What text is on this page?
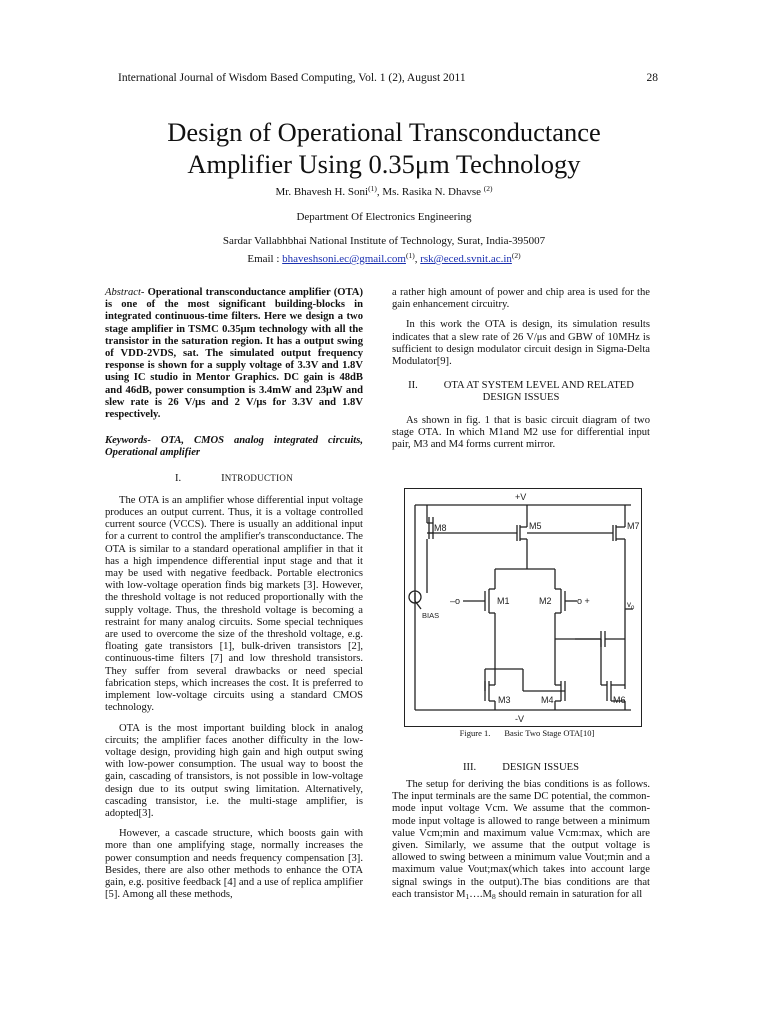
International Journal of Wisdom Based Computing, Vol. 1 (2), August 2011	28
Design of Operational Transconductance
Amplifier Using 0.35μm Technology
Mr. Bhavesh H. Soni$^{(1)}$, Ms. Rasika N. Dhavse $^{(2)}$
Department Of Electronics Engineering
Sardar Vallabhbhai National Institute of Technology, Surat, India-395007
Email : bhaveshsoni.ec@gmail.com$^{(1)}$, $rsk@eced.svnit.ac.in^{(2)}$

Abstract- Operational transconductance amplifier (OTA) is one of the most significant building-blocks in integrated continuous-time filters. Here we design a two stage amplifier in TSMC 0.35μm technology with all the transistor in the saturation region. It has a output swing of VDD-2VDS, sat. The simulated output frequency response is shown for a supply voltage of 3.3V and 1.8V using IC studio in Mentor Graphics. DC gain is 48dB and 46dB, power consumption is 3.4mW and 23μW and slew rate is 26 V/μs and 2 V/μs for 3.3V and 1.8V respectively.

Keywords- OTA, CMOS analog integrated circuits, Operational amplifier

I.	INTRODUCTION

The OTA is an amplifier whose differential input voltage produces an output current. Thus, it is a voltage controlled current source (VCCS). There is usually an additional input for a current to control the amplifier's transconductance. The OTA is similar to a standard operational amplifier in that it has a high impendence differential input stage and that it may be used with negative feedback. Portable electronics with low-voltage operation finds big markets [3]. However, the threshold voltage is not reduced proportionally with the supply voltage. Thus, the threshold voltage is becoming a restraint for many analog circuits. Some special techniques are used to overcome the size of the threshold voltage, e.g. floating gate transistors [1], bulk-driven transistors [2], continuous-time filters [7] and low threshold transistors. They suffer from several drawbacks or need special fabrication steps, which increases the cost. It is preferred to implement low-voltage circuits using a standard CMOS technology.

OTA is the most important building block in analog circuits; the amplifier faces another difficulty in the low-voltage design, providing high gain and high output swing with low-power consumption. The usual way to boost the gain, cascading of transistors, is not possible in low-voltage design due to its output swing limitation. Alternatively, cascading transistor, i.e. the multi-stage amplifier, is adopted[3].

However, a cascade structure, which boosts gain with more than one amplifying stage, normally increases the power consumption and needs frequency compensation [3]. Besides, there are also other methods to enhance the OTA gain, e.g. positive feedback [4] and a use of replica amplifier [5]. Among all these methods,

a rather high amount of power and chip area is used for the gain enhancement circuitry.

In this work the OTA is design, its simulation results indicates that a slew rate of 26 V/μs and GBW of 10MHz is sufficient to design modulator circuit design in Sigma-Delta Modulator[9].

II. OTA AT SYSTEM LEVEL AND RELATED DESIGN ISSUES

As shown in fig. 1 that is basic circuit diagram of two stage OTA. In which M1and M2 use for differential input pair, M3 and M4 forms current mirror.

+V
-V
M8	M5	M7
M1	M2
M3	M4	M6
BIAS
–o	o +	$v_o$
Figure 1. Basic Two Stage OTA[10]

III. DESIGN ISSUES

The setup for deriving the bias conditions is as follows. The input terminals are the same DC potential, the common-mode input voltage Vcm. We assume that the common-mode input voltage is allowed to range between a minimum value Vcm;min and maximum value Vcm:max, which are given. Similarly, we assume that the output voltage is allowed to swing between a minimum value Vout;min and a maximum value Vout;max(which takes into account large signal swings in the output).The bias conditions are that each transistor $M_1\dots.M_8$ should remain in saturation for all
